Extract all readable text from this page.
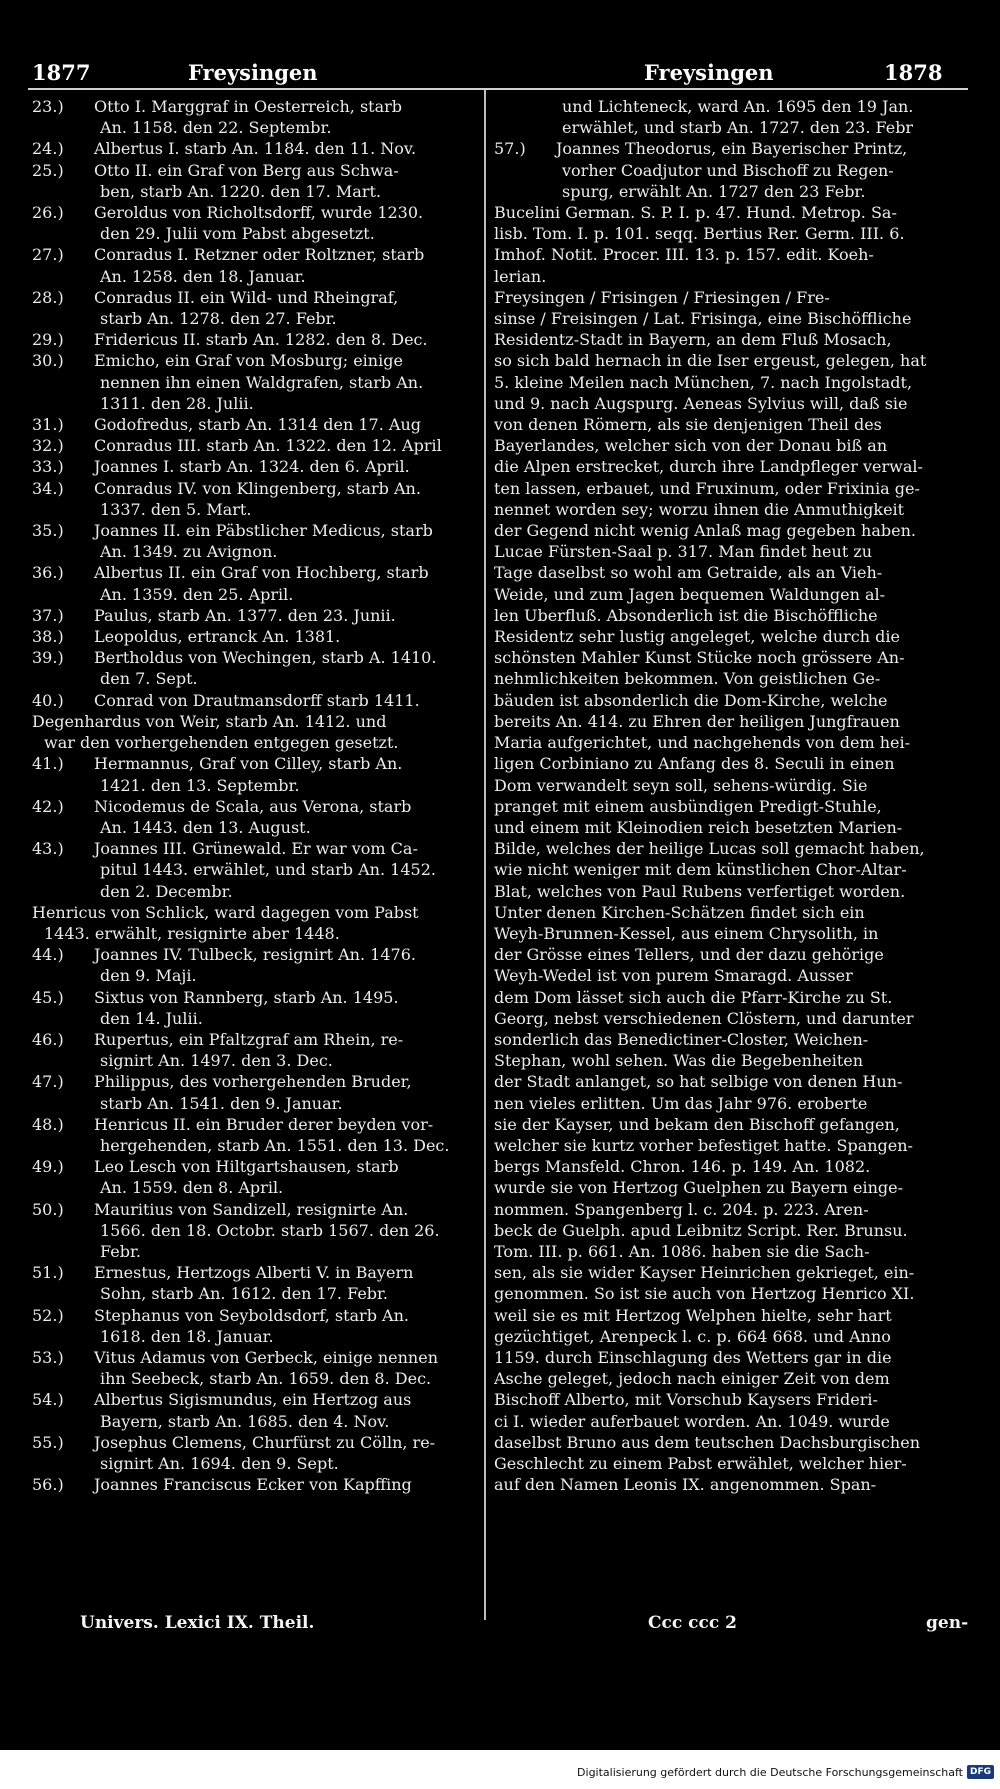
1877	Freysingen	Freysingen	1878
23.) Otto I. Marggraf in Oesterreich, starb
An. 1158. den 22. Septembr.
24.) Albertus I. starb An. 1184. den 11. Nov.
25.) Otto II. ein Graf von Berg aus Schwa-
ben, starb An. 1220. den 17. Mart.
26.) Geroldus von Richoltsdorff, wurde 1230.
den 29. Julii vom Pabst abgesetzt.
27.) Conradus I. Retzner oder Roltzner, starb
An. 1258. den 18. Januar.
28.) Conradus II. ein Wild- und Rheingraf,
starb An. 1278. den 27. Febr.
29.) Fridericus II. starb An. 1282. den 8. Dec.
30.) Emicho, ein Graf von Mosburg; einige
nennen ihn einen Waldgrafen, starb An.
1311. den 28. Julii.
31.) Godofredus, starb An. 1314 den 17. Aug
32.) Conradus III. starb An. 1322. den 12. April
33.) Joannes I. starb An. 1324. den 6. April.
34.) Conradus IV. von Klingenberg, starb An.
1337. den 5. Mart.
35.) Joannes II. ein Päbstlicher Medicus, starb
An. 1349. zu Avignon.
36.) Albertus II. ein Graf von Hochberg, starb
An. 1359. den 25. April.
37.) Paulus, starb An. 1377. den 23. Junii.
38.) Leopoldus, ertranck An. 1381.
39.) Bertholdus von Wechingen, starb A. 1410.
den 7. Sept.
40.) Conrad von Drautmansdorff starb 1411.
Degenhardus von Weir, starb An. 1412. und
war den vorhergehenden entgegen gesetzt.
41.) Hermannus, Graf von Cilley, starb An.
1421. den 13. Septembr.
42.) Nicodemus de Scala, aus Verona, starb
An. 1443. den 13. August.
43.) Joannes III. Grünewald. Er war vom Ca-
pitul 1443. erwählet, und starb An. 1452.
den 2. Decembr.
Henricus von Schlick, ward dagegen vom Pabst
1443. erwählt, resignirte aber 1448.
44.) Joannes IV. Tulbeck, resignirt An. 1476.
den 9. Maji.
45.) Sixtus von Rannberg, starb An. 1495.
den 14. Julii.
46.) Rupertus, ein Pfaltzgraf am Rhein, re-
signirt An. 1497. den 3. Dec.
47.) Philippus, des vorhergehenden Bruder,
starb An. 1541. den 9. Januar.
48.) Henricus II. ein Bruder derer beyden vor-
hergehenden, starb An. 1551. den 13. Dec.
49.) Leo Lesch von Hiltgartshausen, starb
An. 1559. den 8. April.
50.) Mauritius von Sandizell, resignirte An.
1566. den 18. Octobr. starb 1567. den 26.
Febr.
51.) Ernestus, Hertzogs Alberti V. in Bayern
Sohn, starb An. 1612. den 17. Febr.
52.) Stephanus von Seyboldsdorf, starb An.
1618. den 18. Januar.
53.) Vitus Adamus von Gerbeck, einige nennen
ihn Seebeck, starb An. 1659. den 8. Dec.
54.) Albertus Sigismundus, ein Hertzog aus
Bayern, starb An. 1685. den 4. Nov.
55.) Josephus Clemens, Churfürst zu Cölln, re-
signirt An. 1694. den 9. Sept.
56.) Joannes Franciscus Ecker von Kapffing
und Lichteneck, ward An. 1695 den 19 Jan.
erwählet, und starb An. 1727. den 23. Febr
57.) Joannes Theodorus, ein Bayerischer Printz,
vorher Coadjutor und Bischoff zu Regen-
spurg, erwählt An. 1727 den 23 Febr.
Bucelini German. S. P. I. p. 47. Hund. Metrop. Sa-
lisb. Tom. I. p. 101. seqq. Bertius Rer. Germ. III. 6.
Imhof. Notit. Procer. III. 13. p. 157. edit. Koeh-
lerian.
Freysingen / Frisingen / Friesingen / Fre-
sinse / Freisingen / Lat. Frisinga, eine Bischöffliche
Residentz-Stadt in Bayern, an dem Fluß Mosach,
so sich bald hernach in die Iser ergeust, gelegen, hat
5. kleine Meilen nach München, 7. nach Ingolstadt,
und 9. nach Augspurg. Aeneas Sylvius will, daß sie
von denen Römern, als sie denjenigen Theil des
Bayerlandes, welcher sich von der Donau biß an
die Alpen erstrecket, durch ihre Landpfleger verwal-
ten lassen, erbauet, und Fruxinum, oder Frixinia ge-
nennet worden sey; worzu ihnen die Anmuthigkeit
der Gegend nicht wenig Anlaß mag gegeben haben.
Lucae Fürsten-Saal p. 317. Man findet heut zu
Tage daselbst so wohl am Getraide, als an Vieh-
Weide, und zum Jagen bequemen Waldungen al-
len Uberfluß. Absonderlich ist die Bischöffliche
Residentz sehr lustig angeleget, welche durch die
schönsten Mahler Kunst Stücke noch grössere An-
nehmlichkeiten bekommen. Von geistlichen Ge-
bäuden ist absonderlich die Dom-Kirche, welche
bereits An. 414. zu Ehren der heiligen Jungfrauen
Maria aufgerichtet, und nachgehends von dem hei-
ligen Corbiniano zu Anfang des 8. Seculi in einen
Dom verwandelt seyn soll, sehens-würdig. Sie
pranget mit einem ausbündigen Predigt-Stuhle,
und einem mit Kleinodien reich besetzten Marien-
Bilde, welches der heilige Lucas soll gemacht haben,
wie nicht weniger mit dem künstlichen Chor-Altar-
Blat, welches von Paul Rubens verfertiget worden.
Unter denen Kirchen-Schätzen findet sich ein
Weyh-Brunnen-Kessel, aus einem Chrysolith, in
der Grösse eines Tellers, und der dazu gehörige
Weyh-Wedel ist von purem Smaragd. Ausser
dem Dom lässet sich auch die Pfarr-Kirche zu St.
Georg, nebst verschiedenen Clöstern, und darunter
sonderlich das Benedictiner-Closter, Weichen-
Stephan, wohl sehen. Was die Begebenheiten
der Stadt anlanget, so hat selbige von denen Hun-
nen vieles erlitten. Um das Jahr 976. eroberte
sie der Kayser, und bekam den Bischoff gefangen,
welcher sie kurtz vorher befestiget hatte. Spangen-
bergs Mansfeld. Chron. 146. p. 149. An. 1082.
wurde sie von Hertzog Guelphen zu Bayern einge-
nommen. Spangenberg l. c. 204. p. 223. Aren-
beck de Guelph. apud Leibnitz Script. Rer. Brunsu.
Tom. III. p. 661. An. 1086. haben sie die Sach-
sen, als sie wider Kayser Heinrichen gekrieget, ein-
genommen. So ist sie auch von Hertzog Henrico XI.
weil sie es mit Hertzog Welphen hielte, sehr hart
gezüchtiget, Arenpeck l. c. p. 664 668. und Anno
1159. durch Einschlagung des Wetters gar in die
Asche geleget, jedoch nach einiger Zeit von dem
Bischoff Alberto, mit Vorschub Kaysers Frideri-
ci I. wieder auferbauet worden. An. 1049. wurde
daselbst Bruno aus dem teutschen Dachsburgischen
Geschlecht zu einem Pabst erwählet, welcher hier-
auf den Namen Leonis IX. angenommen. Span-
Univers. Lexici IX. Theil.	Ccc ccc 2	gen-
Digitalisierung gefördert durch die Deutsche Forschungsgemeinschaft DFG
